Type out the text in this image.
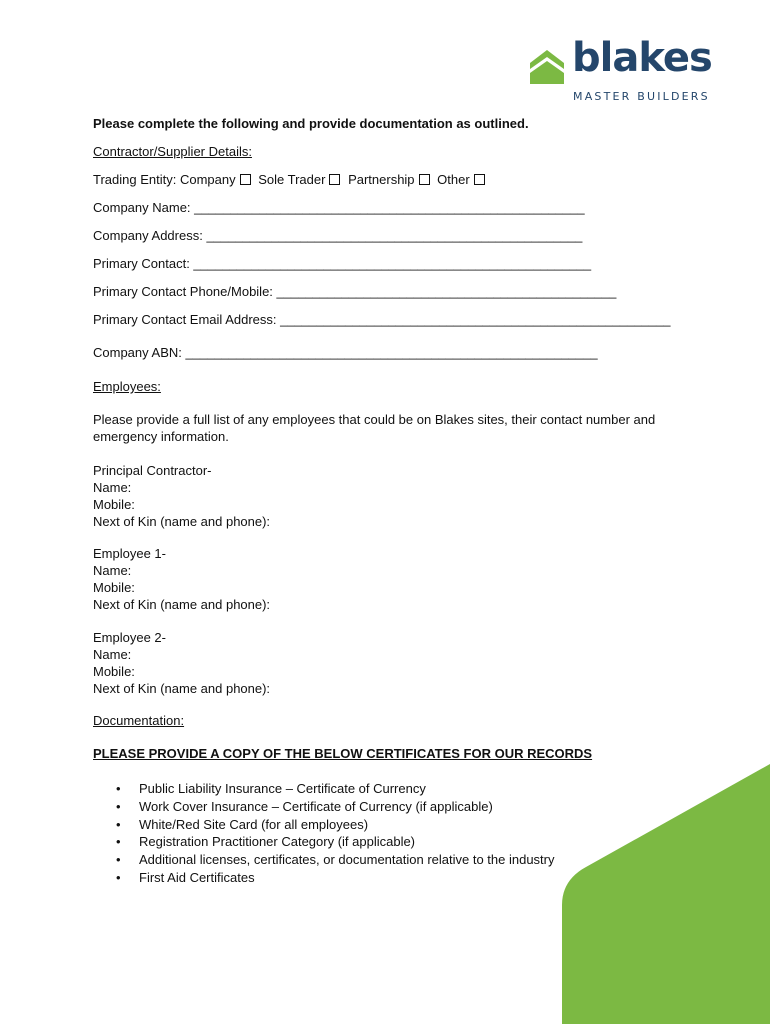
blakes
MASTER BUILDERS
Please complete the following and provide documentation as outlined.
Contractor/Supplier Details:
Trading Entity: Company Sole Trader Partnership Other
Company Name: ______________________________________________________
Company Address: ____________________________________________________
Primary Contact: _______________________________________________________
Primary Contact Phone/Mobile: _______________________________________________
Primary Contact Email Address: ______________________________________________________
Company ABN: _________________________________________________________
Employees:
Please provide a full list of any employees that could be on Blakes sites, their contact number and emergency information.
Principal Contractor-
Name:
Mobile:
Next of Kin (name and phone):
Employee 1-
Name:
Mobile:
Next of Kin (name and phone):
Employee 2-
Name:
Mobile:
Next of Kin (name and phone):
Documentation:
PLEASE PROVIDE A COPY OF THE BELOW CERTIFICATES FOR OUR RECORDS
• Public Liability Insurance – Certificate of Currency
• Work Cover Insurance – Certificate of Currency (if applicable)
• White/Red Site Card (for all employees)
• Registration Practitioner Category (if applicable)
• Additional licenses, certificates, or documentation relative to the industry
• First Aid Certificates
